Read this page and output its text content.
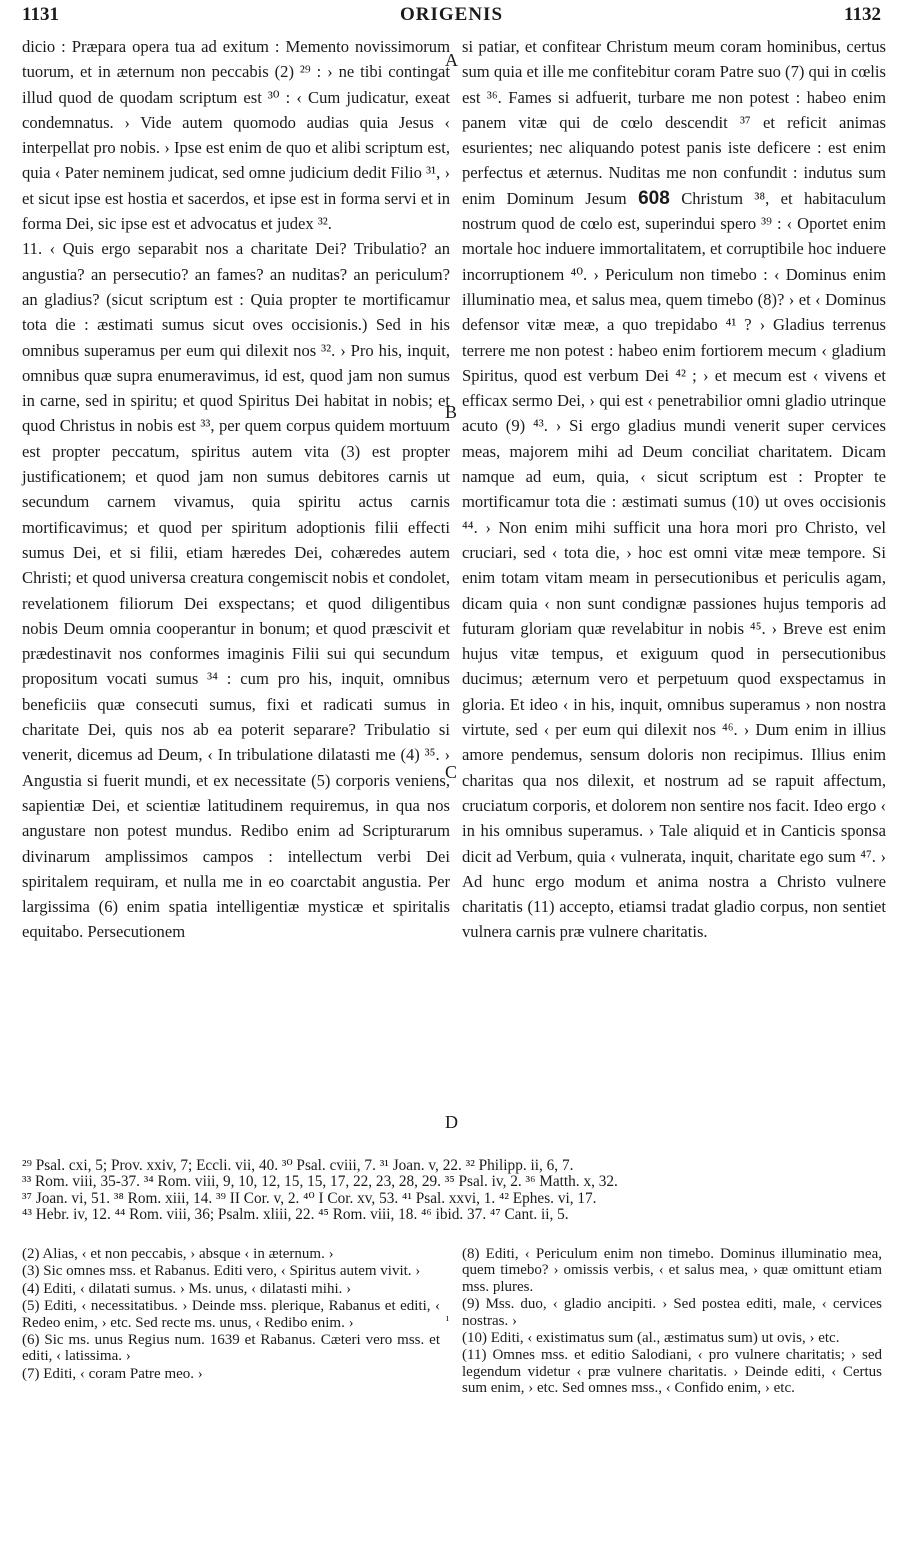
1131	ORIGENIS	1132
A
B
C
D

dicio : Præpara opera tua ad exitum : Memento novissimorum tuorum, et in æternum non peccabis (2) ²⁹ : › ne tibi contingat illud quod de quodam scriptum est ³⁰ : ‹ Cum judicatur, exeat condemnatus. › Vide autem quomodo audias quia Jesus ‹ interpellat pro nobis. › Ipse est enim de quo et alibi scriptum est, quia ‹ Pater neminem judicat, sed omne judicium dedit Filio ³¹, › et sicut ipse est hostia et sacerdos, et ipse est in forma servi et in forma Dei, sic ipse est et advocatus et judex ³².

11. ‹ Quis ergo separabit nos a charitate Dei? Tribulatio? an angustia? an persecutio? an fames? an nuditas? an periculum? an gladius? (sicut scriptum est : Quia propter te mortificamur tota die : æstimati sumus sicut oves occisionis.) Sed in his omnibus superamus per eum qui dilexit nos ³². › Pro his, inquit, omnibus quæ supra enumeravimus, id est, quod jam non sumus in carne, sed in spiritu; et quod Spiritus Dei habitat in nobis; et quod Christus in nobis est ³³, per quem corpus quidem mortuum est propter peccatum, spiritus autem vita (3) est propter justificationem; et quod jam non sumus debitores carnis ut secundum carnem vivamus, quia spiritu actus carnis mortificavimus; et quod per spiritum adoptionis filii effecti sumus Dei, et si filii, etiam hæredes Dei, cohæredes autem Christi; et quod universa creatura congemiscit nobis et condolet, revelationem filiorum Dei exspectans; et quod diligentibus nobis Deum omnia cooperantur in bonum; et quod præscivit et prædestinavit nos conformes imaginis Filii sui qui secundum propositum vocati sumus ³⁴ : cum pro his, inquit, omnibus beneficiis quæ consecuti sumus, fixi et radicati sumus in charitate Dei, quis nos ab ea poterit separare? Tribulatio si venerit, dicemus ad Deum, ‹ In tribulatione dilatasti me (4) ³⁵. › Angustia si fuerit mundi, et ex necessitate (5) corporis veniens, sapientiæ Dei, et scientiæ latitudinem requiremus, in qua nos angustare non potest mundus. Redibo enim ad Scripturarum divinarum amplissimos campos : intellectum verbi Dei spiritalem requiram, et nulla me in eo coarctabit angustia. Per largissima (6) enim spatia intelligentiæ mysticæ et spiritalis equitabo. Persecutionem

si patiar, et confitear Christum meum coram hominibus, certus sum quia et ille me confitebitur coram Patre suo (7) qui in cœlis est ³⁶. Fames si adfuerit, turbare me non potest : habeo enim panem vitæ qui de cœlo descendit ³⁷ et reficit animas esurientes; nec aliquando potest panis iste deficere : est enim perfectus et æternus. Nuditas me non confundit : indutus sum enim Dominum Jesum 608 Christum ³⁸, et habitaculum nostrum quod de cœlo est, superindui spero ³⁹ : ‹ Oportet enim mortale hoc induere immortalitatem, et corruptibile hoc induere incorruptionem ⁴⁰. › Periculum non timebo : ‹ Dominus enim illuminatio mea, et salus mea, quem timebo (8)? › et ‹ Dominus defensor vitæ meæ, a quo trepidabo ⁴¹ ? › Gladius terrenus terrere me non potest : habeo enim fortiorem mecum ‹ gladium Spiritus, quod est verbum Dei ⁴² ; › et mecum est ‹ vivens et efficax sermo Dei, › qui est ‹ penetrabilior omni gladio utrinque acuto (9) ⁴³. › Si ergo gladius mundi venerit super cervices meas, majorem mihi ad Deum conciliat charitatem. Dicam namque ad eum, quia, ‹ sicut scriptum est : Propter te mortificamur tota die : æstimati sumus (10) ut oves occisionis ⁴⁴. › Non enim mihi sufficit una hora mori pro Christo, vel cruciari, sed ‹ tota die, › hoc est omni vitæ meæ tempore. Si enim totam vitam meam in persecutionibus et periculis agam, dicam quia ‹ non sunt condignæ passiones hujus temporis ad futuram gloriam quæ revelabitur in nobis ⁴⁵. › Breve est enim hujus vitæ tempus, et exiguum quod in persecutionibus ducimus; æternum vero et perpetuum quod exspectamus in gloria. Et ideo ‹ in his, inquit, omnibus superamus › non nostra virtute, sed ‹ per eum qui dilexit nos ⁴⁶. › Dum enim in illius amore pendemus, sensum doloris non recipimus. Illius enim charitas qua nos dilexit, et nostrum ad se rapuit affectum, cruciatum corporis, et dolorem non sentire nos facit. Ideo ergo ‹ in his omnibus superamus. › Tale aliquid et in Canticis sponsa dicit ad Verbum, quia ‹ vulnerata, inquit, charitate ego sum ⁴⁷. › Ad hunc ergo modum et anima nostra a Christo vulnere charitatis (11) accepto, etiamsi tradat gladio corpus, non sentiet vulnera carnis præ vulnere charitatis.

²⁹ Psal. cxi, 5; Prov. xxiv, 7; Eccli. vii, 40. ³⁰ Psal. cviii, 7. ³¹ Joan. v, 22. ³² Philipp. ii, 6, 7.
³³ Rom. viii, 35-37. ³⁴ Rom. viii, 9, 10, 12, 15, 15, 17, 22, 23, 28, 29. ³⁵ Psal. iv, 2. ³⁶ Matth. x, 32.
³⁷ Joan. vi, 51. ³⁸ Rom. xiii, 14. ³⁹ II Cor. v, 2. ⁴⁰ I Cor. xv, 53. ⁴¹ Psal. xxvi, 1. ⁴² Ephes. vi, 17.
⁴³ Hebr. iv, 12. ⁴⁴ Rom. viii, 36; Psalm. xliii, 22. ⁴⁵ Rom. viii, 18. ⁴⁶ ibid. 37. ⁴⁷ Cant. ii, 5.

(2) Alias, ‹ et non peccabis, › absque ‹ in æternum. ›

(3) Sic omnes mss. et Rabanus. Editi vero, ‹ Spiritus autem vivit. ›

(4) Editi, ‹ dilatati sumus. › Ms. unus, ‹ dilatasti mihi. ›

(5) Editi, ‹ necessitatibus. › Deinde mss. plerique, Rabanus et editi, ‹ Redeo enim, › etc. Sed recte ms. unus, ‹ Redibo enim. ›

(6) Sic ms. unus Regius num. 1639 et Rabanus. Cæteri vero mss. et editi, ‹ latissima. ›

(7) Editi, ‹ coram Patre meo. ›

ı

(8) Editi, ‹ Periculum enim non timebo. Dominus illuminatio mea, quem timebo? › omissis verbis, ‹ et salus mea, › quæ omittunt etiam mss. plures.

(9) Mss. duo, ‹ gladio ancipiti. › Sed postea editi, male, ‹ cervices nostras. ›

(10) Editi, ‹ existimatus sum (al., æstimatus sum) ut ovis, › etc.

(11) Omnes mss. et editio Salodiani, ‹ pro vulnere charitatis; › sed legendum videtur ‹ præ vulnere charitatis. › Deinde editi, ‹ Certus sum enim, › etc. Sed omnes mss., ‹ Confido enim, › etc.
